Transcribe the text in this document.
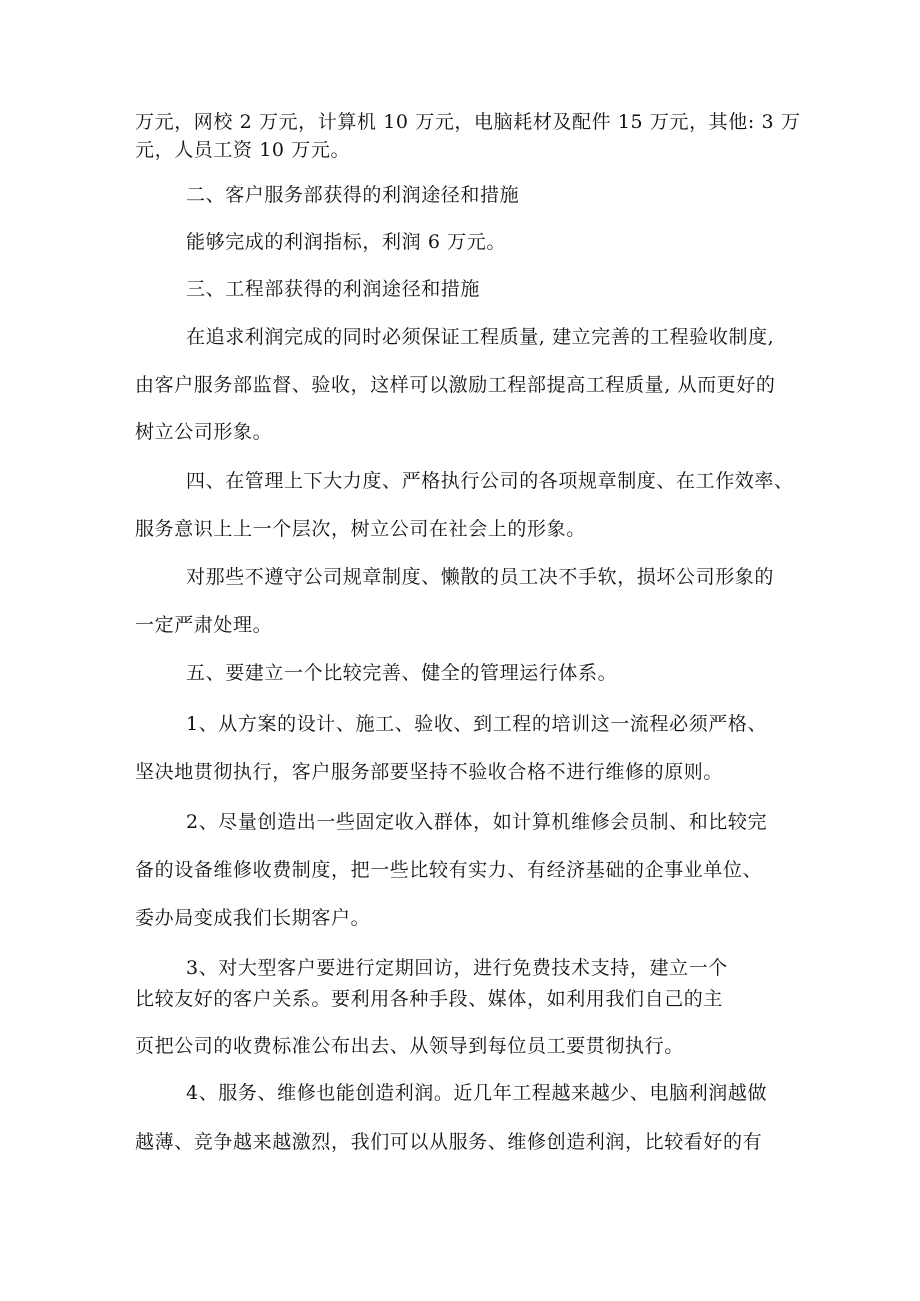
万元，网校 2 万元，计算机 10 万元，电脑耗材及配件 15 万元，其他: 3 万
元，人员工资 10 万元。
二、客户服务部获得的利润途径和措施
能够完成的利润指标，利润 6 万元。
三、工程部获得的利润途径和措施
在追求利润完成的同时必须保证工程质量, 建立完善的工程验收制度,
由客户服务部监督、验收，这样可以激励工程部提高工程质量, 从而更好的
树立公司形象。
四、在管理上下大力度、严格执行公司的各项规章制度、在工作效率、
服务意识上上一个层次，树立公司在社会上的形象。
对那些不遵守公司规章制度、懒散的员工决不手软，损坏公司形象的
一定严肃处理。
五、要建立一个比较完善、健全的管理运行体系。
1、从方案的设计、施工、验收、到工程的培训这一流程必须严格、
坚决地贯彻执行，客户服务部要坚持不验收合格不进行维修的原则。
2、尽量创造出一些固定收入群体，如计算机维修会员制、和比较完
备的设备维修收费制度，把一些比较有实力、有经济基础的企事业单位、
委办局变成我们长期客户。
3、对大型客户要进行定期回访，进行免费技术支持，建立一个
比较友好的客户关系。要利用各种手段、媒体，如利用我们自己的主
页把公司的收费标准公布出去、从领导到每位员工要贯彻执行。
4、服务、维修也能创造利润。近几年工程越来越少、电脑利润越做
越薄、竞争越来越激烈，我们可以从服务、维修创造利润，比较看好的有
